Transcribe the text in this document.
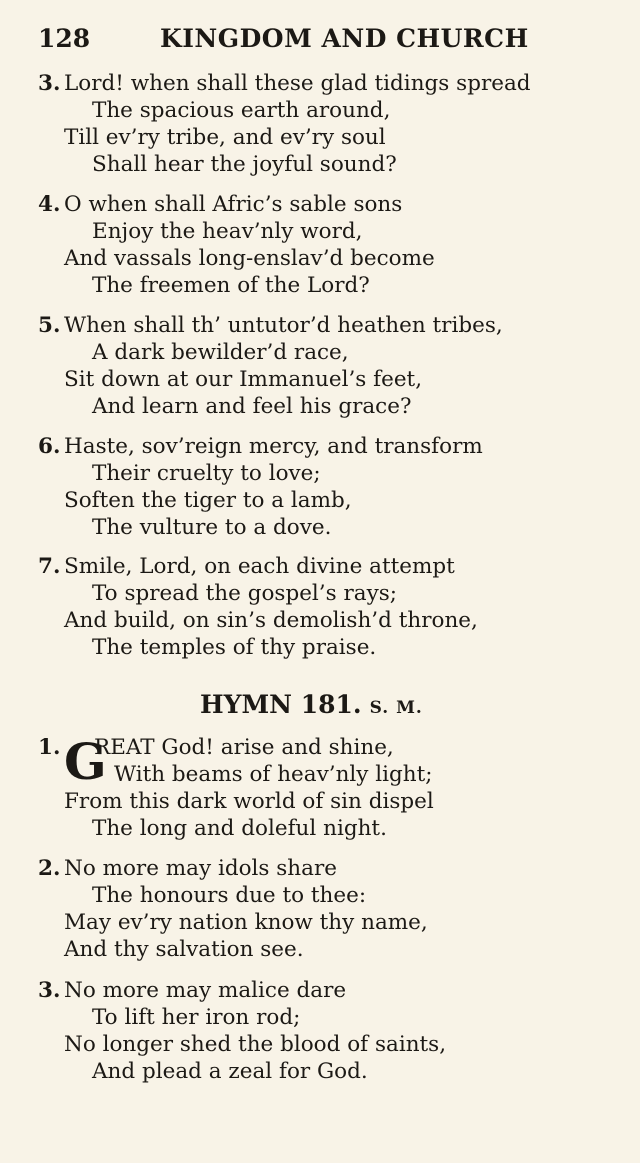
128	KINGDOM AND CHURCH
3. Lord! when shall these glad tidings spread
The spacious earth around,
Till ev’ry tribe, and ev’ry soul
Shall hear the joyful sound?
4. O when shall Afric’s sable sons
Enjoy the heav’nly word,
And vassals long-enslav’d become
The freemen of the Lord?
5. When shall th’ untutor’d heathen tribes,
A dark bewilder’d race,
Sit down at our Immanuel’s feet,
And learn and feel his grace?
6. Haste, sov’reign mercy, and transform
Their cruelty to love;
Soften the tiger to a lamb,
The vulture to a dove.
7. Smile, Lord, on each divine attempt
To spread the gospel’s rays;
And build, on sin’s demolish’d throne,
The temples of thy praise.
HYMN 181. S. M.
G
1. REAT God! arise and shine,
With beams of heav’nly light;
From this dark world of sin dispel
The long and doleful night.
2. No more may idols share
The honours due to thee:
May ev’ry nation know thy name,
And thy salvation see.
3. No more may malice dare
To lift her iron rod;
No longer shed the blood of saints,
And plead a zeal for God.
